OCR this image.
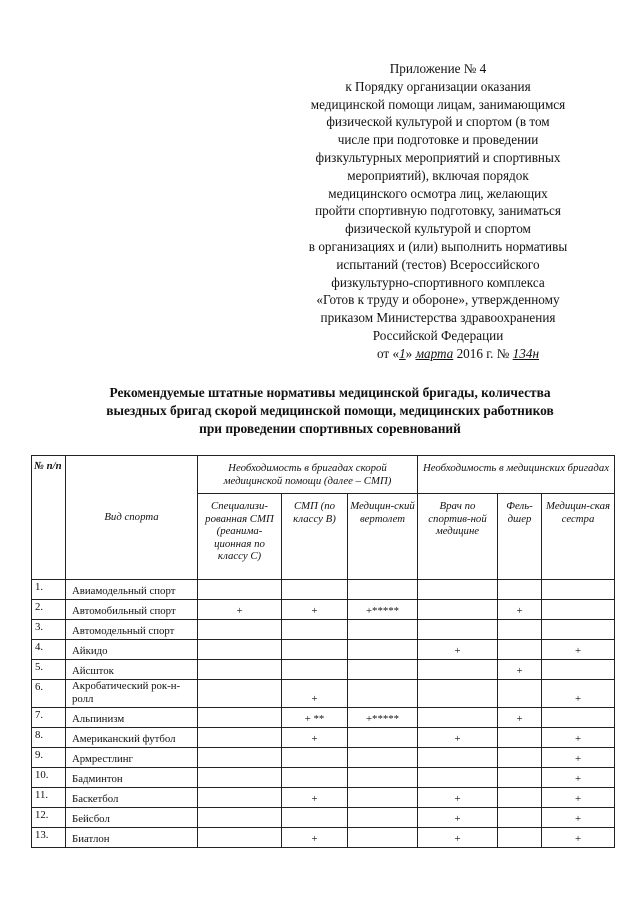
Приложение № 4
к Порядку организации оказания
медицинской помощи лицам, занимающимся
физической культурой и спортом (в том
числе при подготовке и проведении
физкультурных мероприятий и спортивных
мероприятий), включая порядок
медицинского осмотра лиц, желающих
пройти спортивную подготовку, заниматься
физической культурой и спортом
в организациях и (или) выполнить нормативы
испытаний (тестов) Всероссийского
физкультурно-спортивного комплекса
«Готов к труду и обороне», утвержденному
приказом Министерства здравоохранения
Российской Федерации
от «1» марта 2016 г. № 134н
Рекомендуемые штатные нормативы медицинской бригады, количества
выездных бригад скорой медицинской помощи, медицинских работников
при проведении спортивных соревнований
№ п/п	Вид спорта	Необходимость в бригадах скорой медицинской помощи (далее – СМП)			Необходимость в медицинских бригадах		
		Специализи-рованная СМП (реанима-ционная по классу С)	СМП (по классу В)	Медицин-ский вертолет	Врач по спортив-ной медицине	Фель-дшер	Медицин-ская сестра
1.	Авиамодельный спорт						
2.	Автомобильный спорт	+	+	+*****		+	
3.	Автомодельный спорт						
4.	Айкидо				+		+
5.	Айсшток					+	
6.	Акробатический рок-н-ролл		+				+
7.	Альпинизм		+ **	+*****		+	
8.	Американский футбол		+		+		+
9.	Армрестлинг						+
10.	Бадминтон						+
11.	Баскетбол		+		+		+
12.	Бейсбол				+		+
13.	Биатлон		+		+		+
